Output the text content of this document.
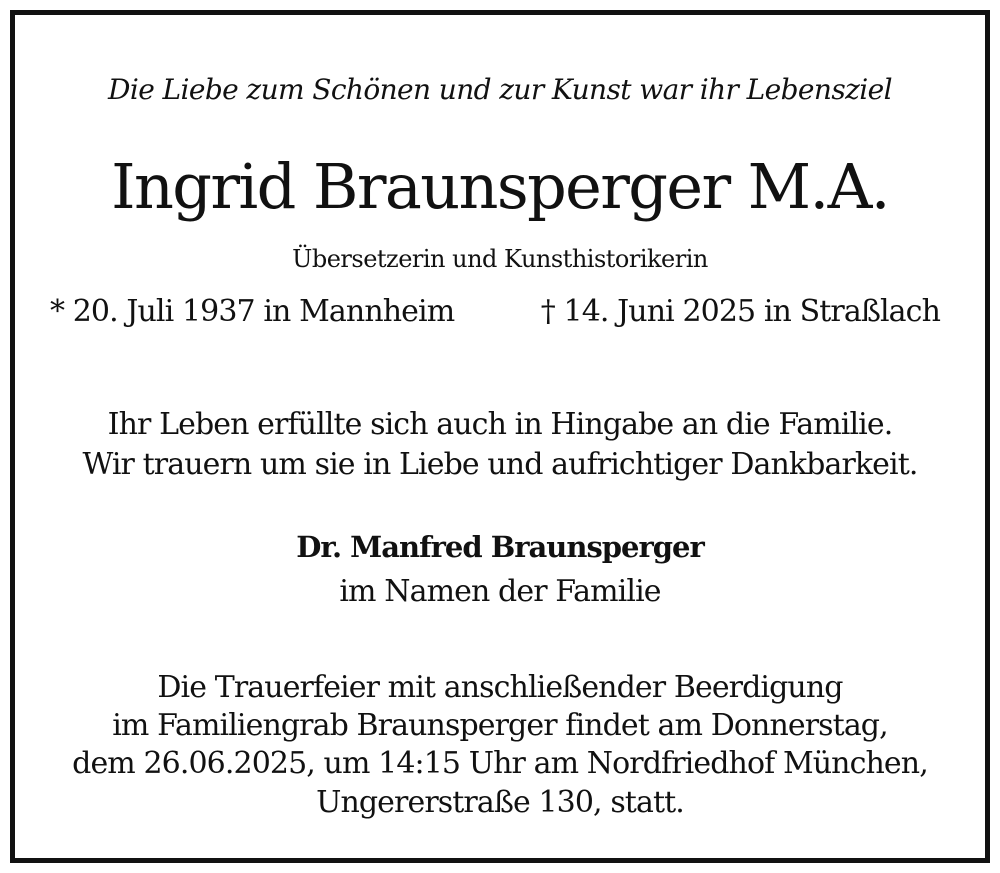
Die Liebe zum Schönen und zur Kunst war ihr Lebensziel
Ingrid Braunsperger M.A.
Übersetzerin und Kunsthistorikerin
* 20. Juli 1937 in Mannheim	† 14. Juni 2025 in Straßlach
Ihr Leben erfüllte sich auch in Hingabe an die Familie.
Wir trauern um sie in Liebe und aufrichtiger Dankbarkeit.
Dr. Manfred Braunsperger
im Namen der Familie
Die Trauerfeier mit anschließender Beerdigung
im Familiengrab Braunsperger findet am Donnerstag,
dem 26.06.2025, um 14:15 Uhr am Nordfriedhof München,
Ungererstraße 130, statt.
